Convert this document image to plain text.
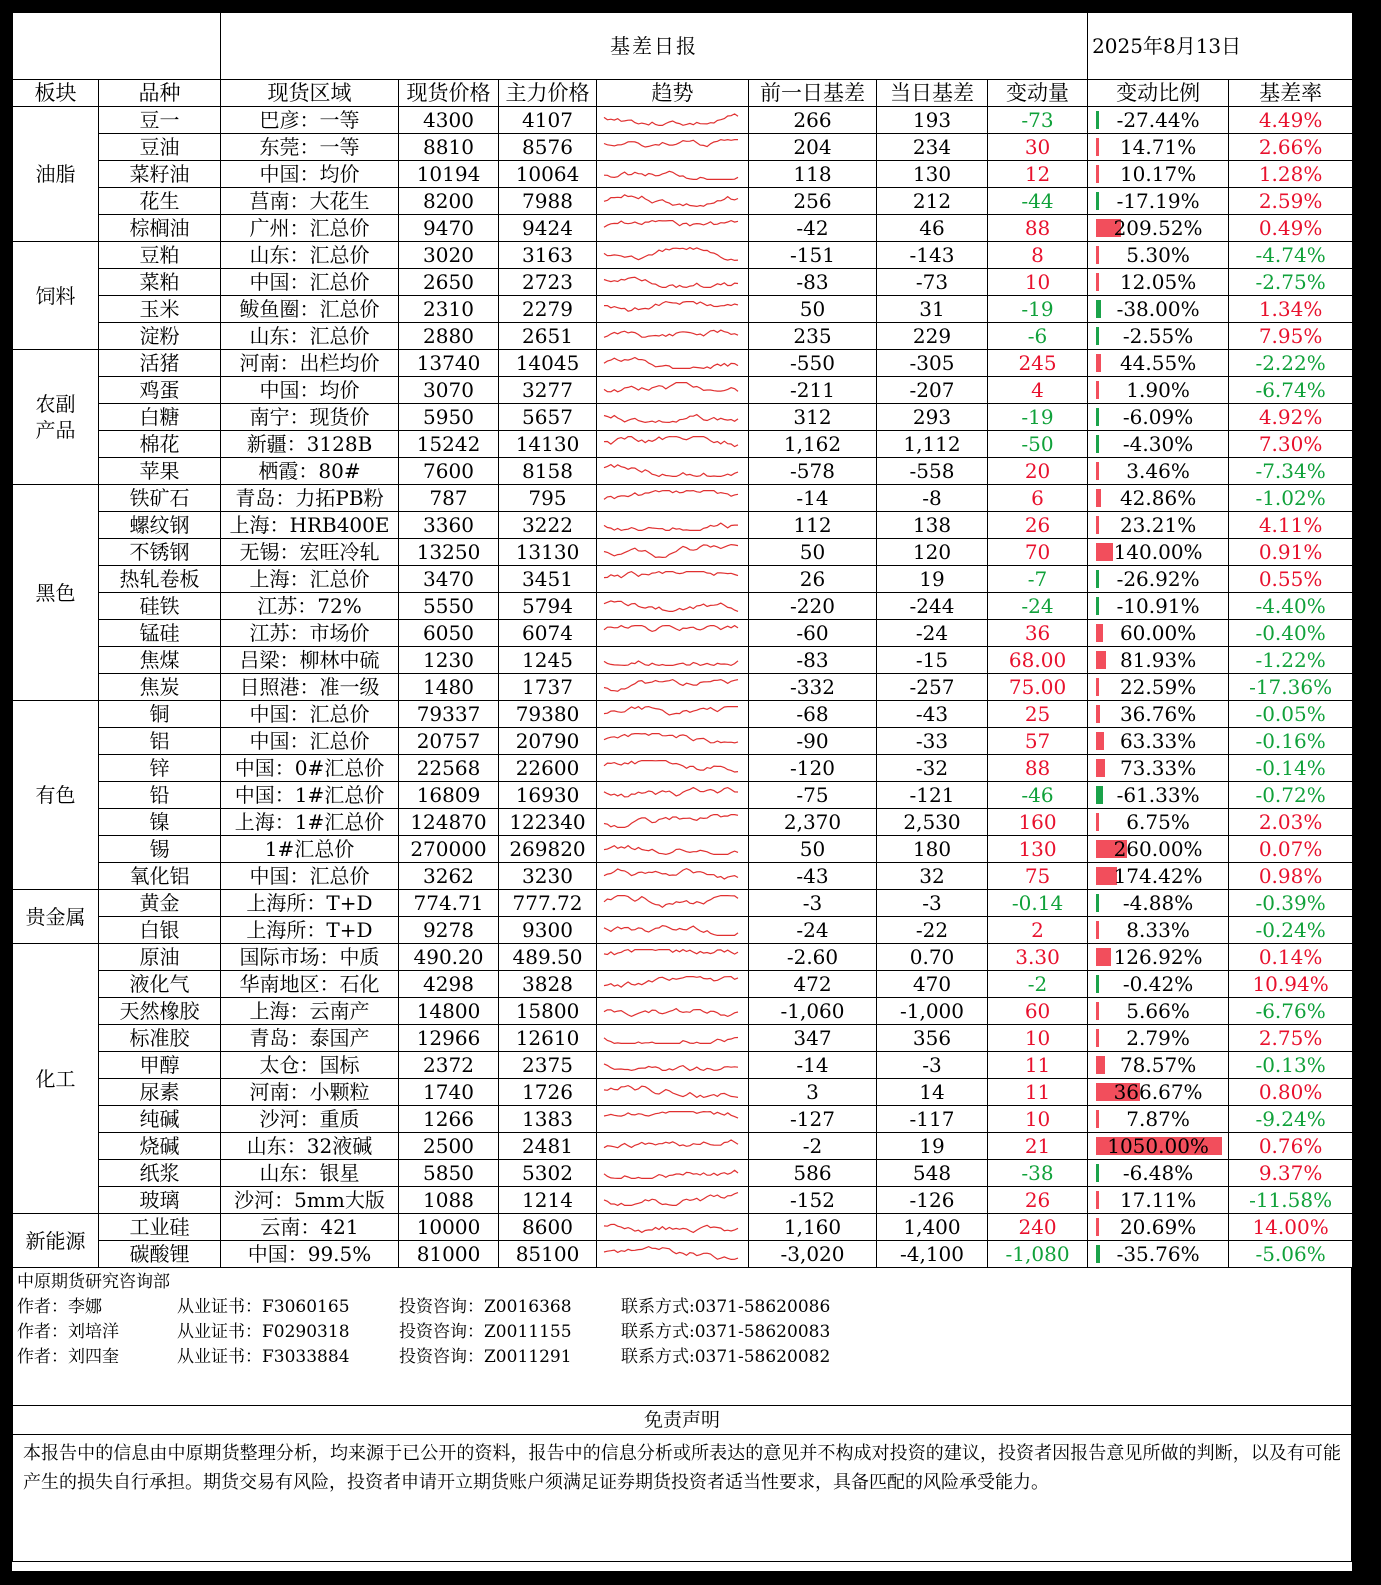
		基差日报							2025年8月13日	
板块	品种	现货区域	现货价格	主力价格	趋势	前一日基差	当日基差	变动量	变动比例	基差率
油脂	豆一	巴彦：一等	4300	4107		266	193	-73	-27.44%	4.49%
	豆油	东莞：一等	8810	8576		204	234	30	14.71%	2.66%
	菜籽油	中国：均价	10194	10064		118	130	12	10.17%	1.28%
	花生	莒南：大花生	8200	7988		256	212	-44	-17.19%	2.59%
	棕榈油	广州：汇总价	9470	9424		-42	46	88	209.52%	0.49%
饲料	豆粕	山东：汇总价	3020	3163		-151	-143	8	5.30%	-4.74%
	菜粕	中国：汇总价	2650	2723		-83	-73	10	12.05%	-2.75%
	玉米	鲅鱼圈：汇总价	2310	2279		50	31	-19	-38.00%	1.34%
	淀粉	山东：汇总价	2880	2651		235	229	-6	-2.55%	7.95%
农副
产品	活猪	河南：出栏均价	13740	14045		-550	-305	245	44.55%	-2.22%
	鸡蛋	中国：均价	3070	3277		-211	-207	4	1.90%	-6.74%
	白糖	南宁：现货价	5950	5657		312	293	-19	-6.09%	4.92%
	棉花	新疆：3128B	15242	14130		1,162	1,112	-50	-4.30%	7.30%
	苹果	栖霞：80#	7600	8158		-578	-558	20	3.46%	-7.34%
黑色	铁矿石	青岛：力拓PB粉	787	795		-14	-8	6	42.86%	-1.02%
	螺纹钢	上海：HRB400E	3360	3222		112	138	26	23.21%	4.11%
	不锈钢	无锡：宏旺冷轧	13250	13130		50	120	70	140.00%	0.91%
	热轧卷板	上海：汇总价	3470	3451		26	19	-7	-26.92%	0.55%
	硅铁	江苏：72%	5550	5794		-220	-244	-24	-10.91%	-4.40%
	锰硅	江苏：市场价	6050	6074		-60	-24	36	60.00%	-0.40%
	焦煤	吕梁：柳林中硫	1230	1245		-83	-15	68.00	81.93%	-1.22%
	焦炭	日照港：准一级	1480	1737		-332	-257	75.00	22.59%	-17.36%
有色	铜	中国：汇总价	79337	79380		-68	-43	25	36.76%	-0.05%
	铝	中国：汇总价	20757	20790		-90	-33	57	63.33%	-0.16%
	锌	中国：0#汇总价	22568	22600		-120	-32	88	73.33%	-0.14%
	铅	中国：1#汇总价	16809	16930		-75	-121	-46	-61.33%	-0.72%
	镍	上海：1#汇总价	124870	122340		2,370	2,530	160	6.75%	2.03%
	锡	1#汇总价	270000	269820		50	180	130	260.00%	0.07%
	氧化铝	中国：汇总价	3262	3230		-43	32	75	174.42%	0.98%
贵金属	黄金	上海所：T+D	774.71	777.72		-3	-3	-0.14	-4.88%	-0.39%
	白银	上海所：T+D	9278	9300		-24	-22	2	8.33%	-0.24%
化工	原油	国际市场：中质	490.20	489.50		-2.60	0.70	3.30	126.92%	0.14%
	液化气	华南地区：石化	4298	3828		472	470	-2	-0.42%	10.94%
	天然橡胶	上海：云南产	14800	15800		-1,060	-1,000	60	5.66%	-6.76%
	标准胶	青岛：泰国产	12966	12610		347	356	10	2.79%	2.75%
	甲醇	太仓：国标	2372	2375		-14	-3	11	78.57%	-0.13%
	尿素	河南：小颗粒	1740	1726		3	14	11	366.67%	0.80%
	纯碱	沙河：重质	1266	1383		-127	-117	10	7.87%	-9.24%
	烧碱	山东：32液碱	2500	2481		-2	19	21	1050.00%	0.76%
	纸浆	山东：银星	5850	5302		586	548	-38	-6.48%	9.37%
	玻璃	沙河：5mm大版	1088	1214		-152	-126	26	17.11%	-11.58%
新能源	工业硅	云南：421	10000	8600		1,160	1,400	240	20.69%	14.00%
	碳酸锂	中国：99.5%	81000	85100		-3,020	-4,100	-1,080	-35.76%	-5.06%
中原期货研究咨询部
作者：李娜	从业证书：F3060165	投资咨询：Z0016368	联系方式:0371-58620086
作者：刘培洋	从业证书：F0290318	投资咨询：Z0011155	联系方式:0371-58620083
作者：刘四奎	从业证书：F3033884	投资咨询：Z0011291	联系方式:0371-58620082
免责声明
本报告中的信息由中原期货整理分析，均来源于已公开的资料，报告中的信息分析或所表达的意见并不构成对投资的建议，投资者因报告意见所做的判断，以及有可能产生的损失自行承担。期货交易有风险，投资者申请开立期货账户须满足证券期货投资者适当性要求，具备匹配的风险承受能力。
